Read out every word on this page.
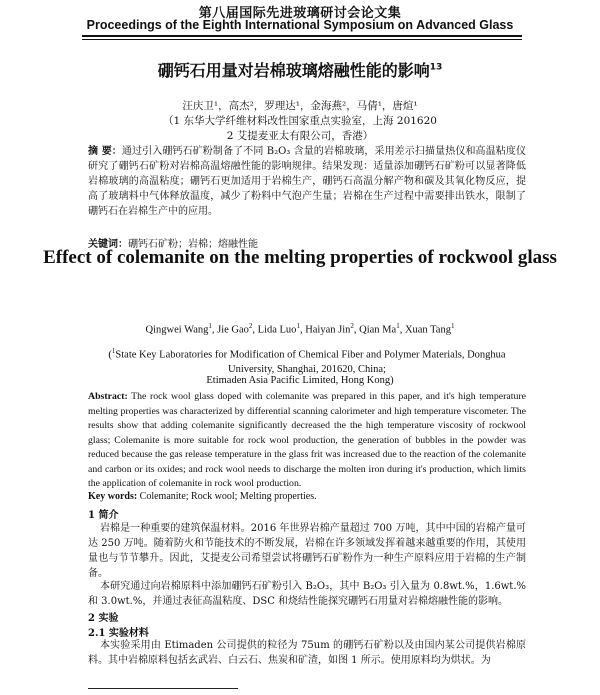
第八届国际先进玻璃研讨会论文集
Proceedings of the Eighth International Symposium on Advanced Glass
硼钙石用量对岩棉玻璃熔融性能的影响$^{13}$
汪庆卫¹，高杰²，罗理达¹，金海燕²，马倩¹，唐煊¹
（1 东华大学纤维材料改性国家重点实验室，上海 201620
2 艾提麦亚太有限公司，香港）
摘 要：通过引入硼钙石矿粉制备了不同 B₂O₃ 含量的岩棉玻璃，采用差示扫描量热仪和高温粘度仪研究了硼钙石矿粉对岩棉高温熔融性能的影响规律。结果发现：适量添加硼钙石矿粉可以显著降低岩棉玻璃的高温粘度；硼钙石更加适用于岩棉生产，硼钙石高温分解产物和碳及其氧化物反应，提高了玻璃料中气体释放温度，减少了粉料中气泡产生量；岩棉在生产过程中需要排出铁水，限制了硼钙石在岩棉生产中的应用。
关键词：硼钙石矿粉；岩棉；熔融性能
Effect of colemanite on the melting properties of rockwool glass
Qingwei Wang$^1$, Jie Gao$^2$, Lida Luo$^1$, Haiyan Jin$^2$, Qian Ma$^1$, Xuan Tang$^1$
($^1$State Key Laboratories for Modification of Chemical Fiber and Polymer Materials, Donghua University, Shanghai, 201620, China;
Etimaden Asia Pacific Limited, Hong Kong)
Abstract: The rock wool glass doped with colemanite was prepared in this paper, and it's high temperature melting properties was characterized by differential scanning calorimeter and high temperature viscometer. The results show that adding colemanite significantly decreased the the high temperature viscosity of rockwool glass; Colemanite is more suitable for rock wool production, the generation of bubbles in the powder was reduced because the gas release temperature in the glass frit was increased due to the reaction of the colemanite and carbon or its oxides; and rock wool needs to discharge the molten iron during it's production, which limits the application of colemanite in rock wool production.
Key words: Colemanite; Rock wool; Melting properties.
1 简介
岩棉是一种重要的建筑保温材料。2016 年世界岩棉产量超过 700 万吨，其中中国的岩棉产量可达 250 万吨。随着防火和节能技术的不断发展，岩棉在许多领域发挥着越来越重要的作用，其使用量也与节节攀升。因此，艾提麦公司希望尝试将硼钙石矿粉作为一种生产原料应用于岩棉的生产制备。
本研究通过向岩棉原料中添加硼钙石矿粉引入 B₂O₃，其中 B₂O₃ 引入量为 0.8wt.%，1.6wt.% 和 3.0wt.%，并通过表征高温粘度、DSC 和烧结性能探究硼钙石用量对岩棉熔融性能的影响。
2 实验
2.1 实验材料
本实验采用由 Etimaden 公司提供的粒径为 75um 的硼钙石矿粉以及由国内某公司提供岩棉原料。其中岩棉原料包括玄武岩、白云石、焦炭和矿渣，如图 1 所示。使用原料均为烘状。为
